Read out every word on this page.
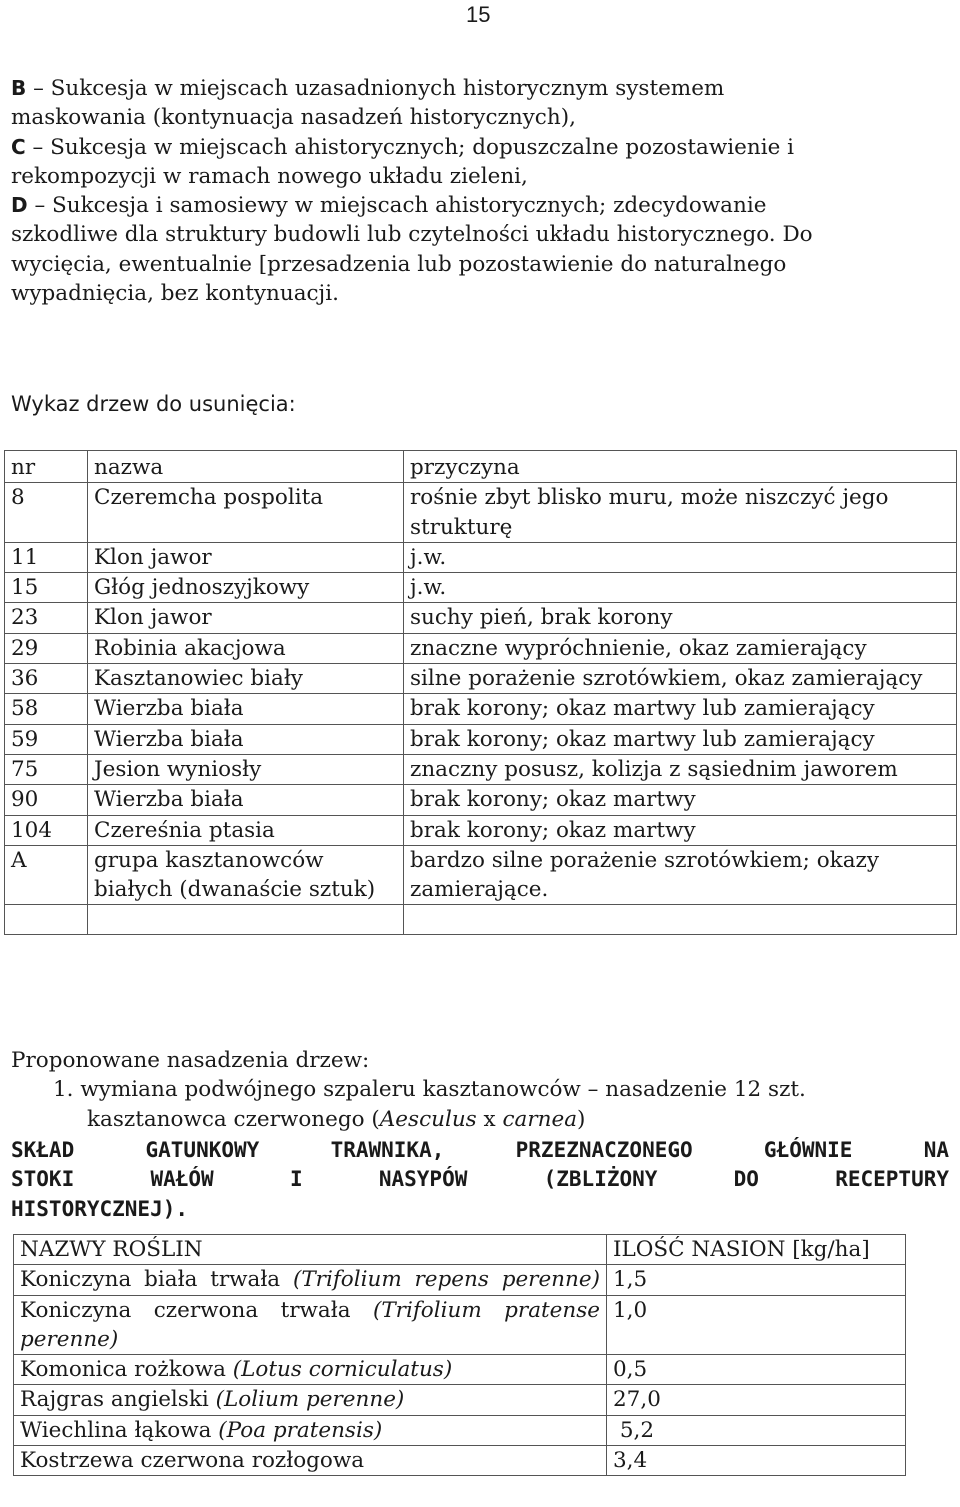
15
B – Sukcesja w miejscach uzasadnionych historycznym systemem
maskowania (kontynuacja nasadzeń historycznych),
C – Sukcesja w miejscach ahistorycznych; dopuszczalne pozostawienie i
rekompozycji w ramach nowego układu zieleni,
D – Sukcesja i samosiewy w miejscach ahistorycznych; zdecydowanie
szkodliwe dla struktury budowli lub czytelności układu historycznego. Do
wycięcia, ewentualnie [przesadzenia lub pozostawienie do naturalnego
wypadnięcia, bez kontynuacji.
Wykaz drzew do usunięcia:
nr	nazwa	przyczyna
8	Czeremcha pospolita	rośnie zbyt blisko muru, może niszczyć jego strukturę
11	Klon jawor	j.w.
15	Głóg jednoszyjkowy	j.w.
23	Klon jawor	suchy pień, brak korony
29	Robinia akacjowa	znaczne wypróchnienie, okaz zamierający
36	Kasztanowiec biały	silne porażenie szrotówkiem, okaz zamierający
58	Wierzba biała	brak korony; okaz martwy lub zamierający
59	Wierzba biała	brak korony; okaz martwy lub zamierający
75	Jesion wyniosły	znaczny posusz, kolizja z sąsiednim jaworem
90	Wierzba biała	brak korony; okaz martwy
104	Czereśnia ptasia	brak korony; okaz martwy
A	grupa kasztanowców białych (dwanaście sztuk)	bardzo silne porażenie szrotówkiem; okazy zamierające.

Proponowane nasadzenia drzew:
1. wymiana podwójnego szpaleru kasztanowców – nasadzenie 12 szt.
kasztanowca czerwonego (Aesculus x carnea)
SKŁAD GATUNKOWY TRAWNIKA, PRZEZNACZONEGO GŁÓWNIE NA
STOKI WAŁÓW I NASYPÓW (ZBLIŻONY DO RECEPTURY
HISTORYCZNEJ).
NAZWY ROŚLIN	ILOŚĆ NASION [kg/ha]

Koniczyna biała trwała (Trifolium repens perenne)	1,5

Koniczyna czerwona trwała (Trifolium pratense perenne)	1,0
Komonica rożkowa (Lotus corniculatus)	0,5
Rajgras angielski (Lolium perenne)	27,0
Wiechlina łąkowa (Poa pratensis)	5,2
Kostrzewa czerwona rozłogowa	3,4
